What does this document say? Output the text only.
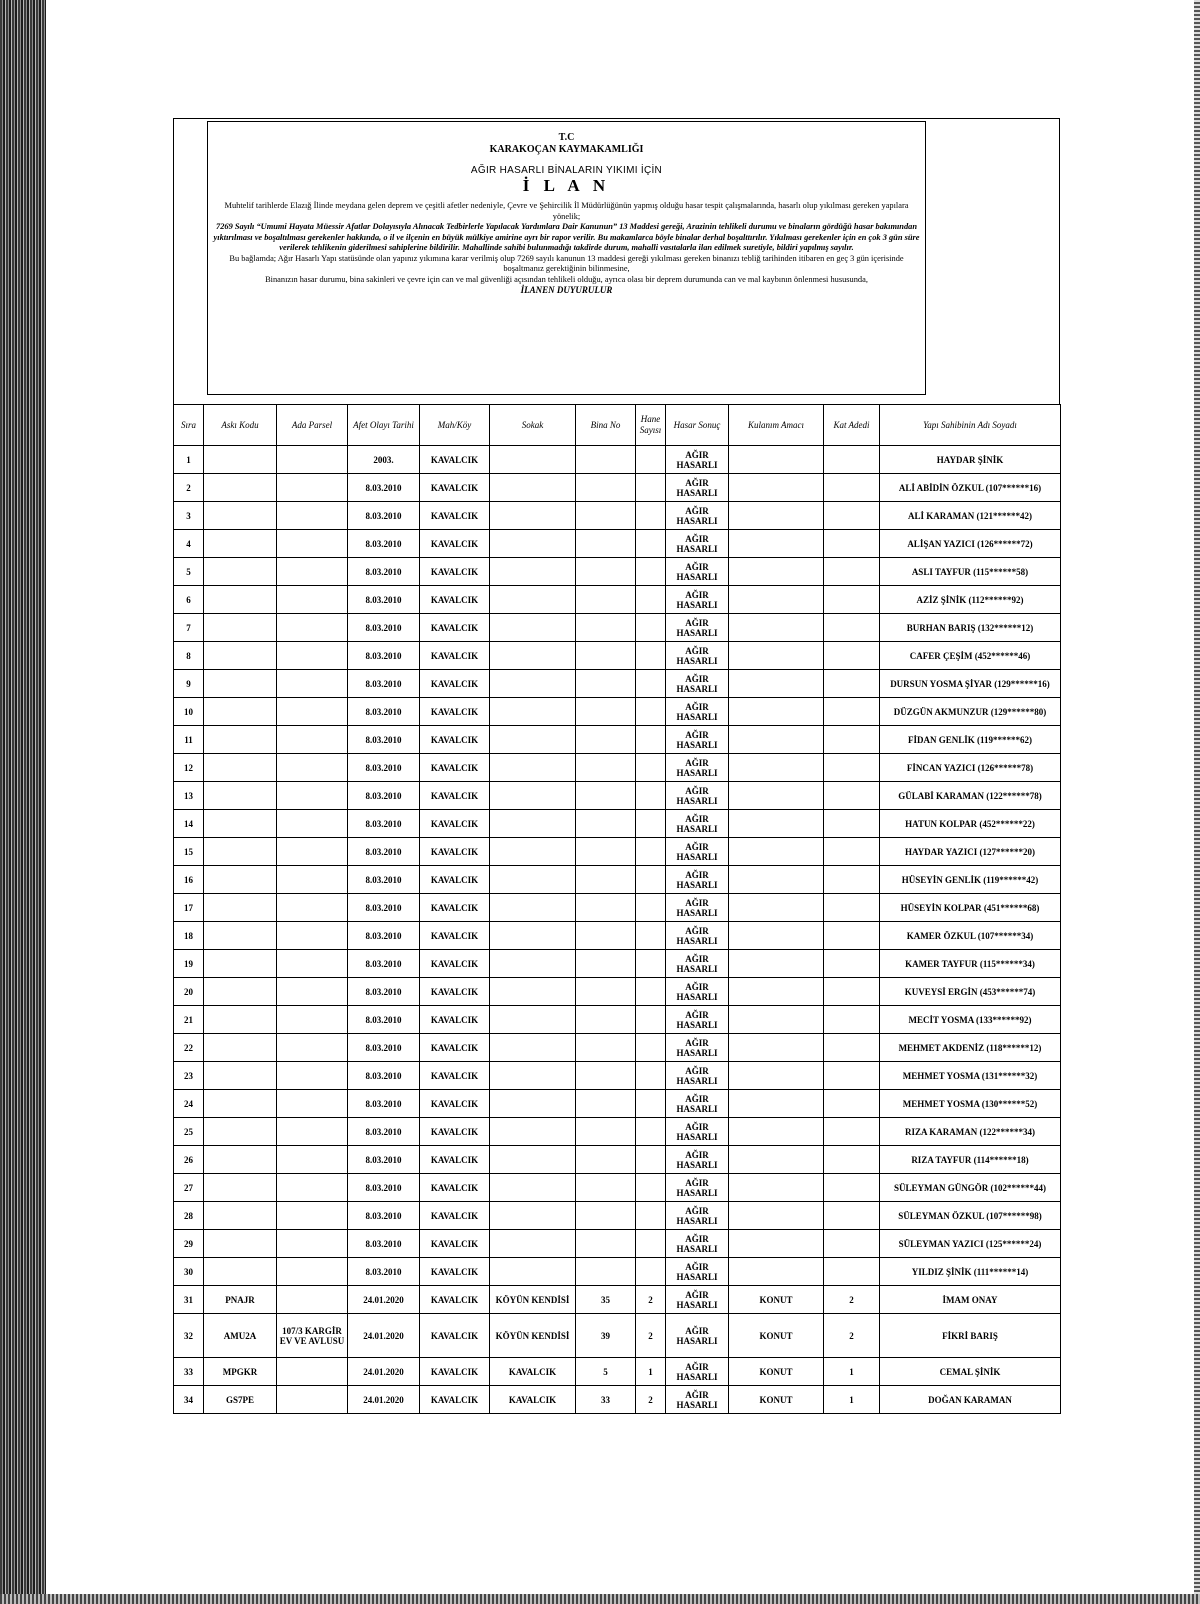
T.C
KARAKOÇAN KAYMAKAMLIĞI
AĞIR HASARLI BİNALARIN YIKIMI İÇİN
İ L A N
Muhtelif tarihlerde Elazığ İlinde meydana gelen deprem ve çeşitli afetler nedeniyle, Çevre ve Şehircilik İl Müdürlüğünün yapmış olduğu hasar tespit çalışmalarında, hasarlı olup yıkılması gereken yapılara yönelik;
7269 Sayılı “Umumi Hayata Müessir Afatlar Dolayısıyla Alınacak Tedbirlerle Yapılacak Yardımlara Dair Kanunun” 13 Maddesi gereği, Arazinin tehlikeli durumu ve binaların gördüğü hasar bakımından yıktırılması ve boşaltılması gerekenler hakkında, o il ve ilçenin en büyük mülkiye amirine ayrı bir rapor verilir. Bu makamlarca böyle binalar derhal boşalttırılır. Yıkılması gerekenler için en çok 3 gün süre verilerek tehlikenin giderilmesi sahiplerine bildirilir. Mahallinde sahibi bulunmadığı takdirde durum, mahalli vasıtalarla ilan edilmek suretiyle, bildiri yapılmış sayılır.
Bu bağlamda; Ağır Hasarlı Yapı statüsünde olan yapınız yıkımına karar verilmiş olup 7269 sayılı kanunun 13 maddesi gereği yıkılması gereken binanızı tebliğ tarihinden itibaren en geç 3 gün içerisinde boşaltmanız gerektiğinin bilinmesine,
Binanızın hasar durumu, bina sakinleri ve çevre için can ve mal güvenliği açısından tehlikeli olduğu, ayrıca olası bir deprem durumunda can ve mal kaybının önlenmesi hususunda,
İLANEN DUYURULUR
Sıra	Askı Kodu	Ada Parsel	Afet Olayı Tarihi	Mah/Köy	Sokak	Bina No	Hane Sayısı	Hasar Sonuç	Kulanım Amacı	Kat Adedi	Yapı Sahibinin Adı Soyadı
1			2003.	KAVALCIK				AĞIR HASARLI			HAYDAR ŞİNİK
2			8.03.2010	KAVALCIK				AĞIR HASARLI			ALİ ABİDİN ÖZKUL (107******16)
3			8.03.2010	KAVALCIK				AĞIR HASARLI			ALİ KARAMAN (121******42)
4			8.03.2010	KAVALCIK				AĞIR HASARLI			ALİŞAN YAZICI (126******72)
5			8.03.2010	KAVALCIK				AĞIR HASARLI			ASLI TAYFUR (115******58)
6			8.03.2010	KAVALCIK				AĞIR HASARLI			AZİZ ŞİNİK (112******92)
7			8.03.2010	KAVALCIK				AĞIR HASARLI			BURHAN BARIŞ (132******12)
8			8.03.2010	KAVALCIK				AĞIR HASARLI			CAFER ÇEŞİM (452******46)
9			8.03.2010	KAVALCIK				AĞIR HASARLI			DURSUN YOSMA ŞİYAR (129******16)
10			8.03.2010	KAVALCIK				AĞIR HASARLI			DÜZGÜN AKMUNZUR (129******80)
11			8.03.2010	KAVALCIK				AĞIR HASARLI			FİDAN GENLİK (119******62)
12			8.03.2010	KAVALCIK				AĞIR HASARLI			FİNCAN YAZICI (126******78)
13			8.03.2010	KAVALCIK				AĞIR HASARLI			GÜLABİ KARAMAN (122******78)
14			8.03.2010	KAVALCIK				AĞIR HASARLI			HATUN KOLPAR (452******22)
15			8.03.2010	KAVALCIK				AĞIR HASARLI			HAYDAR YAZICI (127******20)
16			8.03.2010	KAVALCIK				AĞIR HASARLI			HÜSEYİN GENLİK (119******42)
17			8.03.2010	KAVALCIK				AĞIR HASARLI			HÜSEYİN KOLPAR (451******68)
18			8.03.2010	KAVALCIK				AĞIR HASARLI			KAMER ÖZKUL (107******34)
19			8.03.2010	KAVALCIK				AĞIR HASARLI			KAMER TAYFUR (115******34)
20			8.03.2010	KAVALCIK				AĞIR HASARLI			KUVEYSİ ERGİN (453******74)
21			8.03.2010	KAVALCIK				AĞIR HASARLI			MECİT YOSMA (133******92)
22			8.03.2010	KAVALCIK				AĞIR HASARLI			MEHMET AKDENİZ (118******12)
23			8.03.2010	KAVALCIK				AĞIR HASARLI			MEHMET YOSMA (131******32)
24			8.03.2010	KAVALCIK				AĞIR HASARLI			MEHMET YOSMA (130******52)
25			8.03.2010	KAVALCIK				AĞIR HASARLI			RIZA KARAMAN (122******34)
26			8.03.2010	KAVALCIK				AĞIR HASARLI			RIZA TAYFUR (114******18)
27			8.03.2010	KAVALCIK				AĞIR HASARLI			SÜLEYMAN GÜNGÖR (102******44)
28			8.03.2010	KAVALCIK				AĞIR HASARLI			SÜLEYMAN ÖZKUL (107******98)
29			8.03.2010	KAVALCIK				AĞIR HASARLI			SÜLEYMAN YAZICI (125******24)
30			8.03.2010	KAVALCIK				AĞIR HASARLI			YILDIZ ŞİNİK (111******14)
31	PNAJR		24.01.2020	KAVALCIK	KÖYÜN KENDİSİ	35	2	AĞIR HASARLI	KONUT	2	İMAM ONAY
32	AMU2A	107/3 KARGİR EV VE AVLUSU	24.01.2020	KAVALCIK	KÖYÜN KENDİSİ	39	2	AĞIR HASARLI	KONUT	2	FİKRİ BARIŞ
33	MPGKR		24.01.2020	KAVALCIK	KAVALCIK	5	1	AĞIR HASARLI	KONUT	1	CEMAL ŞİNİK
34	GS7PE		24.01.2020	KAVALCIK	KAVALCIK	33	2	AĞIR HASARLI	KONUT	1	DOĞAN KARAMAN
